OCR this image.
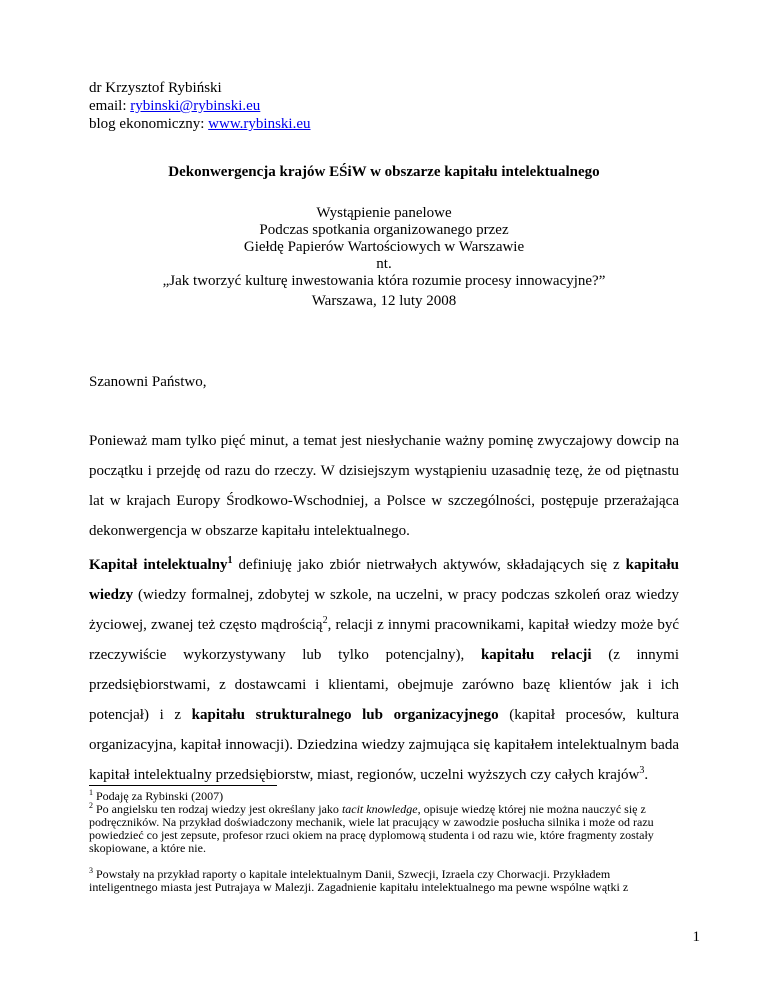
dr Krzysztof Rybiński
email: rybinski@rybinski.eu
blog ekonomiczny: www.rybinski.eu
Dekonwergencja krajów EŚiW w obszarze kapitału intelektualnego
Wystąpienie panelowe
Podczas spotkania organizowanego przez
Giełdę Papierów Wartościowych w Warszawie
nt.
„Jak tworzyć kulturę inwestowania która rozumie procesy innowacyjne?”
Warszawa, 12 luty 2008
Szanowni Państwo,

Ponieważ mam tylko pięć minut, a temat jest niesłychanie ważny pominę zwyczajowy dowcip na początku i przejdę od razu do rzeczy. W dzisiejszym wystąpieniu uzasadnię tezę, że od piętnastu lat w krajach Europy Środkowo-Wschodniej, a Polsce w szczególności, postępuje przerażająca dekonwergencja w obszarze kapitału intelektualnego.

Kapitał intelektualny$^1$ definiuję jako zbiór nietrwałych aktywów, składających się z kapitału wiedzy (wiedzy formalnej, zdobytej w szkole, na uczelni, w pracy podczas szkoleń oraz wiedzy życiowej, zwanej też często mądrością$^2$, relacji z innymi pracownikami, kapitał wiedzy może być rzeczywiście wykorzystywany lub tylko potencjalny), kapitału relacji (z innymi przedsiębiorstwami, z dostawcami i klientami, obejmuje zarówno bazę klientów jak i ich potencjał) i z kapitału strukturalnego lub organizacyjnego (kapitał procesów, kultura organizacyjna, kapitał innowacji). Dziedzina wiedzy zajmująca się kapitałem intelektualnym bada kapitał intelektualny przedsiębiorstw, miast, regionów, uczelni wyższych czy całych krajów$^3$.

$^1$ Podaję za Rybinski (2007)

$^2$ Po angielsku ten rodzaj wiedzy jest określany jako tacit knowledge, opisuje wiedzę której nie można nauczyć się z podręczników. Na przykład doświadczony mechanik, wiele lat pracujący w zawodzie posłucha silnika i może od razu powiedzieć co jest zepsute, profesor rzuci okiem na pracę dyplomową studenta i od razu wie, które fragmenty zostały skopiowane, a które nie.

$^3$ Powstały na przykład raporty o kapitale intelektualnym Danii, Szwecji, Izraela czy Chorwacji. Przykładem inteligentnego miasta jest Putrajaya w Malezji. Zagadnienie kapitału intelektualnego ma pewne wspólne wątki z

1
